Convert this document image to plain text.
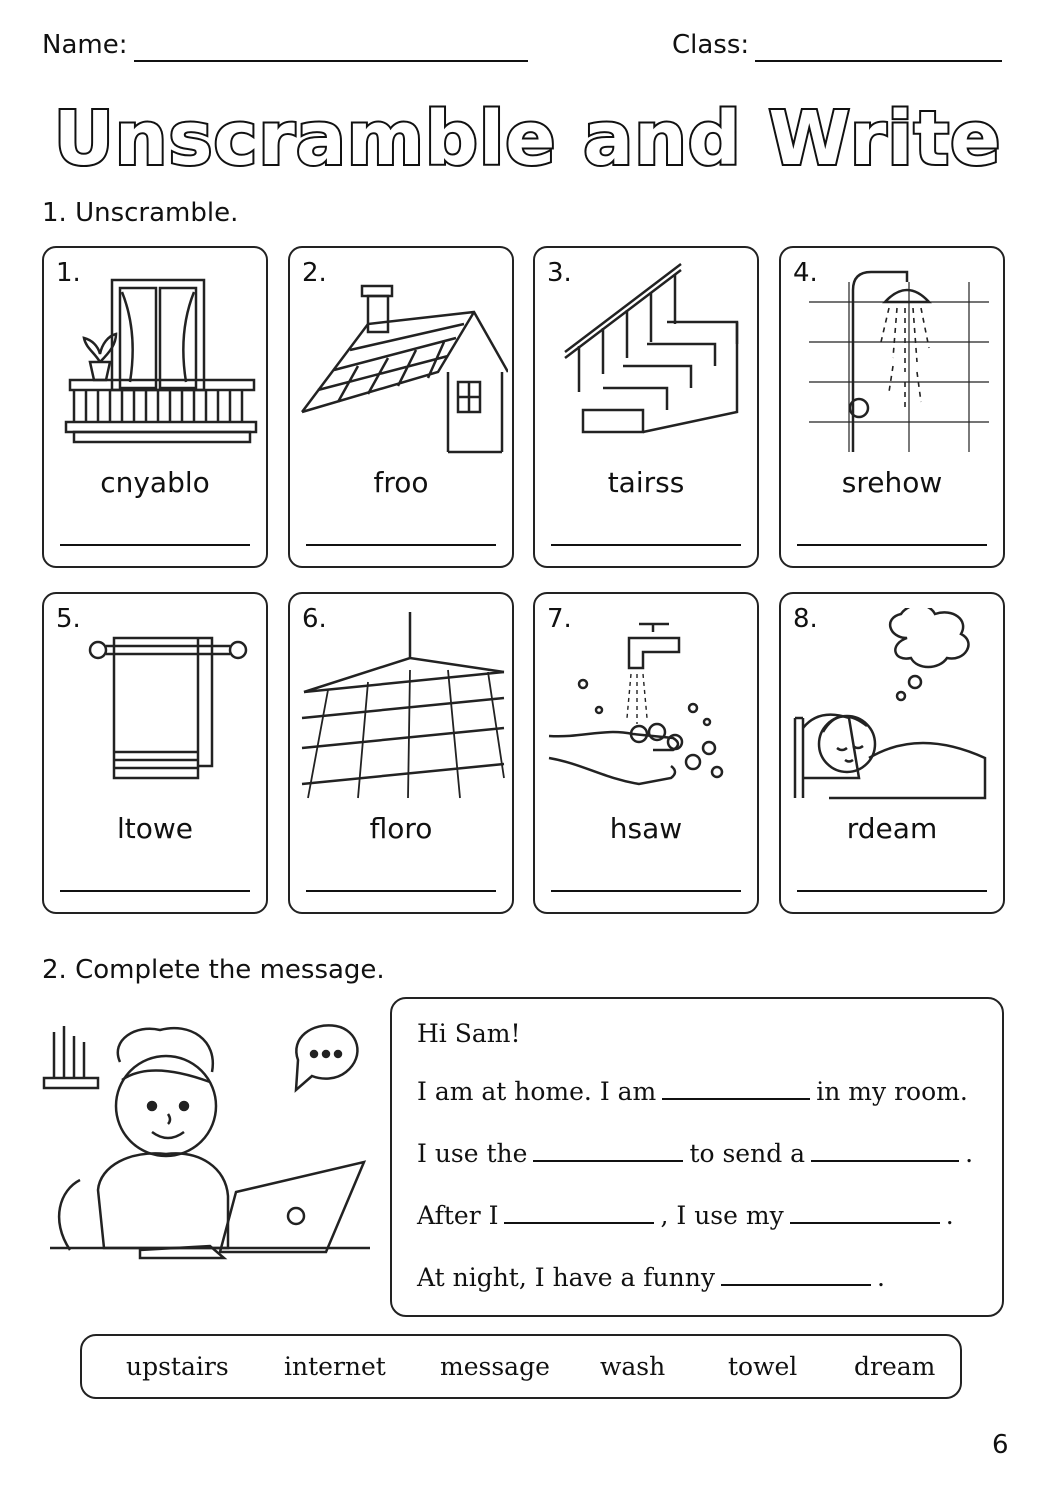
Name:	Class:
Unscramble and Write
1. Unscramble.
1.
cnyablo
2.
froo
3.
tairss
4.
srehow
5.
ltowe
6.
floro
7.
hsaw
8.
rdeam
2. Complete the message.
Hi Sam!
I am at home. I am	in my room.
I use the	to send a	.
After I	, I use my	.
At night, I have a funny	.
upstairs internet message wash	towel dream
6
